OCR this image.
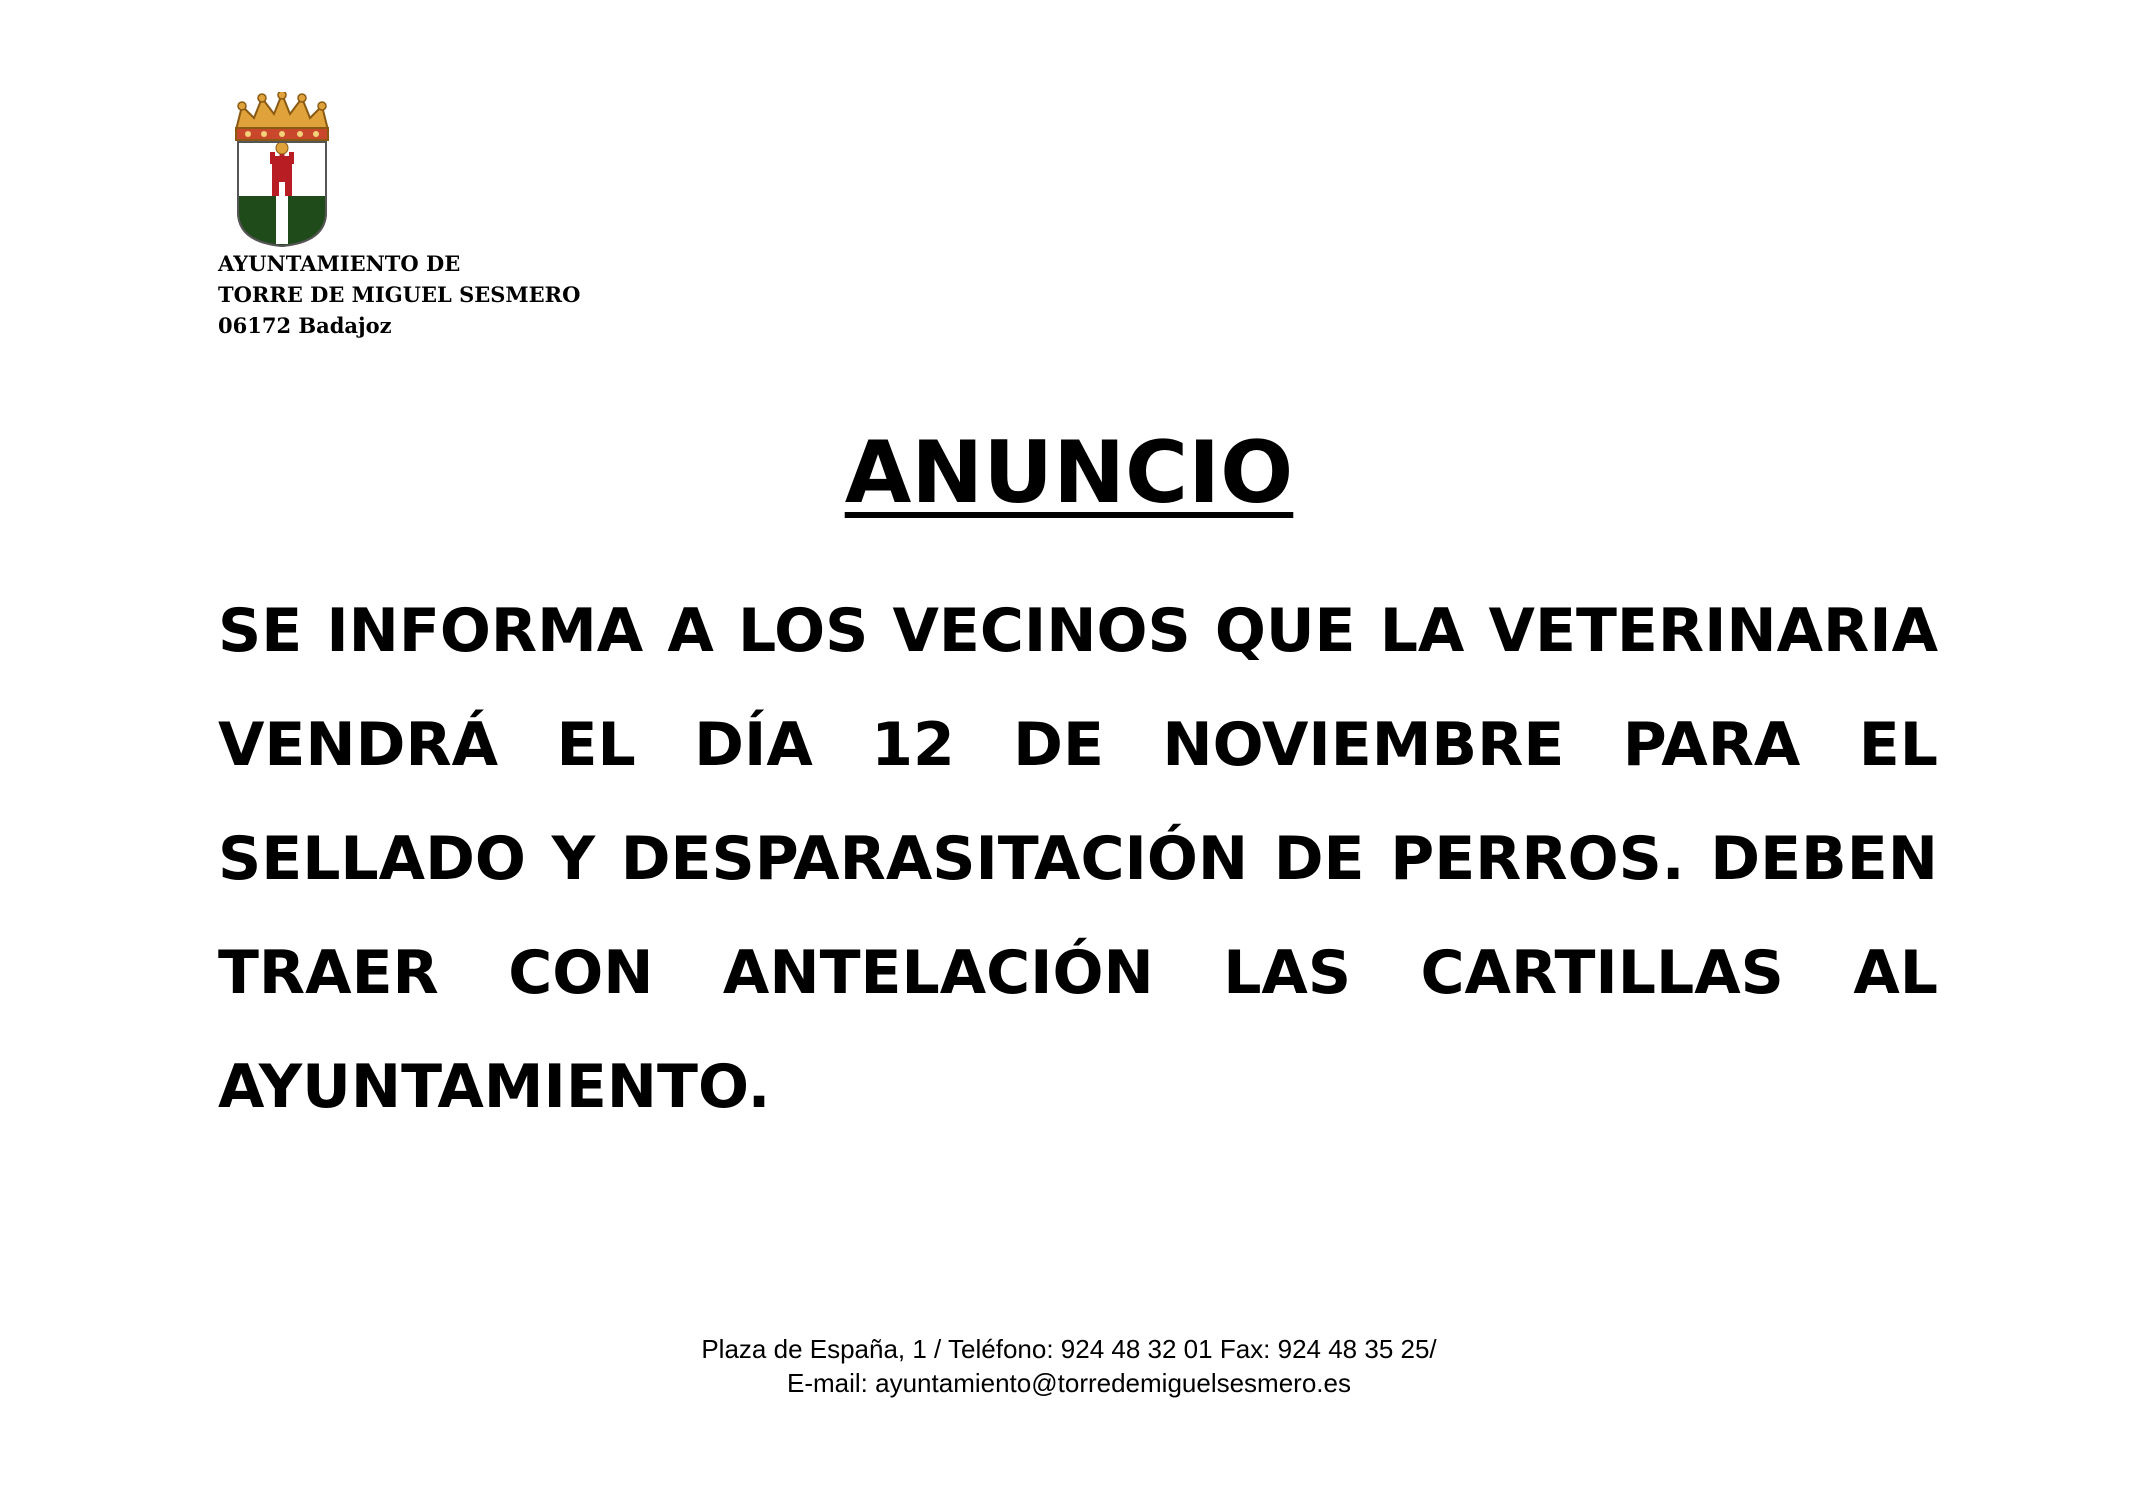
AYUNTAMIENTO DE
TORRE DE MIGUEL SESMERO
06172 Badajoz
ANUNCIO
SE INFORMA A LOS VECINOS QUE LA VETERINARIA
VENDRÁ EL DÍA 12 DE NOVIEMBRE PARA EL
SELLADO Y DESPARASITACIÓN DE PERROS. DEBEN
TRAER CON ANTELACIÓN LAS CARTILLAS AL
AYUNTAMIENTO.
Plaza de España, 1 / Teléfono: 924 48 32 01 Fax: 924 48 35 25/
E-mail: ayuntamiento@torredemiguelsesmero.es
